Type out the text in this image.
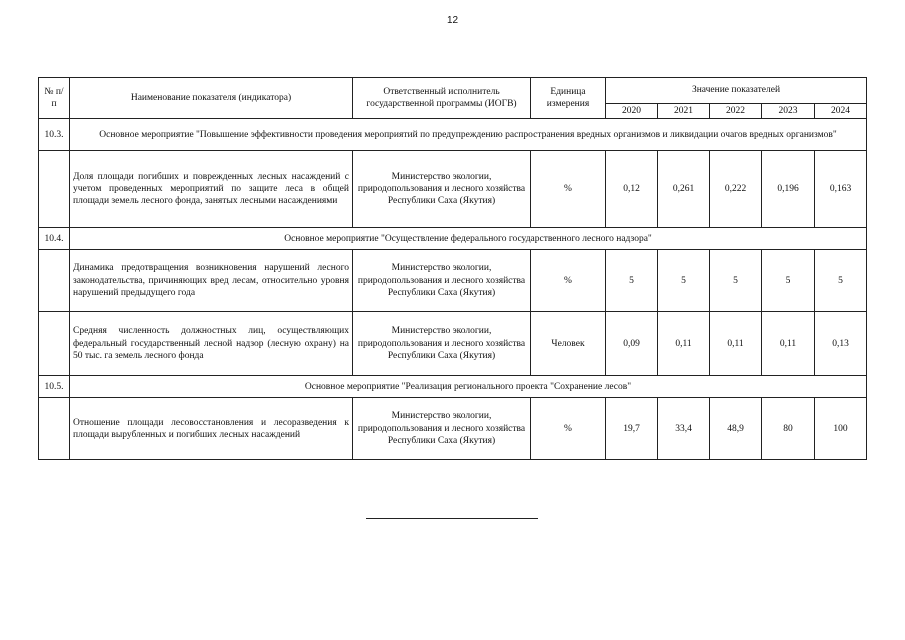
12
№ п/п	Наименование показателя (индикатора)	Ответственный исполнитель государственной программы (ИОГВ)	Единица измерения	Значение показателей				
				2020	2021	2022	2023	2024
10.3.	Основное мероприятие "Повышение эффективности проведения мероприятий по предупреждению распространения вредных организмов и ликвидации очагов вредных организмов"							
	Доля площади погибших и поврежденных лесных насаждений с учетом проведенных мероприятий по защите леса в общей площади земель лесного фонда, занятых лесными насаждениями	Министерство экологии, природопользования и лесного хозяйства Республики Саха (Якутия)	%	0,12	0,261	0,222	0,196	0,163
10.4.	Основное мероприятие "Осуществление федерального государственного лесного надзора"							
	Динамика предотвращения возникновения нарушений лесного законодательства, причиняющих вред лесам, относительно уровня нарушений предыдущего года	Министерство экологии, природопользования и лесного хозяйства Республики Саха (Якутия)	%	5	5	5	5	5
	Средняя численность должностных лиц, осуществляющих федеральный государственный лесной надзор (лесную охрану) на 50 тыс. га земель лесного фонда	Министерство экологии, природопользования и лесного хозяйства Республики Саха (Якутия)	Человек	0,09	0,11	0,11	0,11	0,13
10.5.	Основное мероприятие "Реализация регионального проекта "Сохранение лесов"							
	Отношение площади лесовосстановления и лесоразведения к площади вырубленных и погибших лесных насаждений	Министерство экологии, природопользования и лесного хозяйства Республики Саха (Якутия)	%	19,7	33,4	48,9	80	100
